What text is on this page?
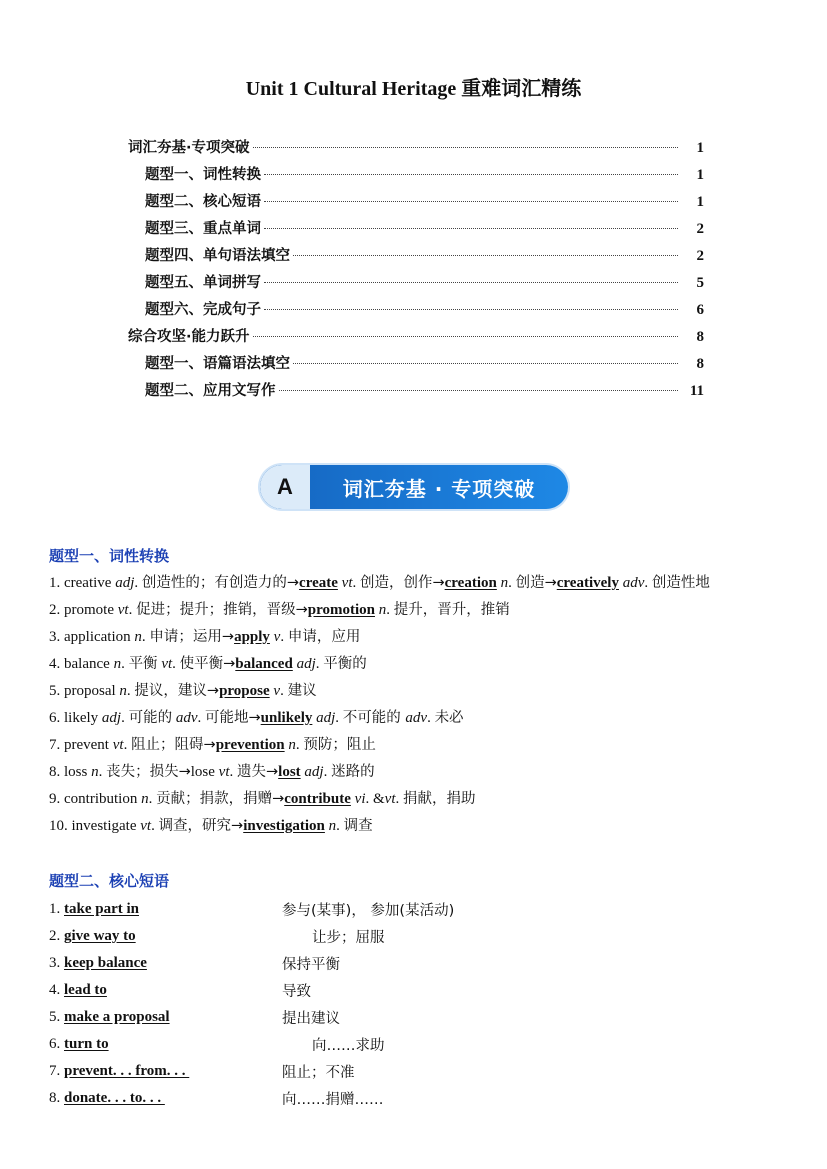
Unit 1 Cultural Heritage 重难词汇精练
词汇夯基·专项突破	1
题型一、词性转换	1
题型二、核心短语	1
题型三、重点单词	2
题型四、单句语法填空	2
题型五、单词拼写	5
题型六、完成句子	6
综合攻坚·能力跃升	8
题型一、语篇语法填空	8
题型二、应用文写作	11
A	词汇夯基 · 专项突破
题型一、词性转换
1. creative adj. 创造性的；有创造力的→create vt. 创造，创作→creation n. 创造→creatively adv. 创造性地
2. promote vt. 促进；提升；推销，晋级→promotion n. 提升，晋升，推销
3. application n. 申请；运用→apply v. 申请，应用
4. balance n. 平衡 vt. 使平衡→balanced adj. 平衡的
5. proposal n. 提议，建议→propose v. 建议
6. likely adj. 可能的 adv. 可能地→unlikely adj. 不可能的 adv. 未必
7. prevent vt. 阻止；阻碍→prevention n. 预防；阻止
8. loss n. 丧失；损失→lose vt. 遗失→lost adj. 迷路的
9. contribution n. 贡献；捐款，捐赠→contribute vi. &vt. 捐献，捐助
10. investigate vt. 调查，研究→investigation n. 调查
题型二、核心短语
1. take part in	参与(某事)， 参加(某活动)
2. give way to	让步；屈服
3. keep balance	保持平衡
4. lead to	导致
5. make a proposal	提出建议
6. turn to	向……求助
7. prevent. . . from. . .	阻止；不准
8. donate. . . to. . .	向……捐赠……
